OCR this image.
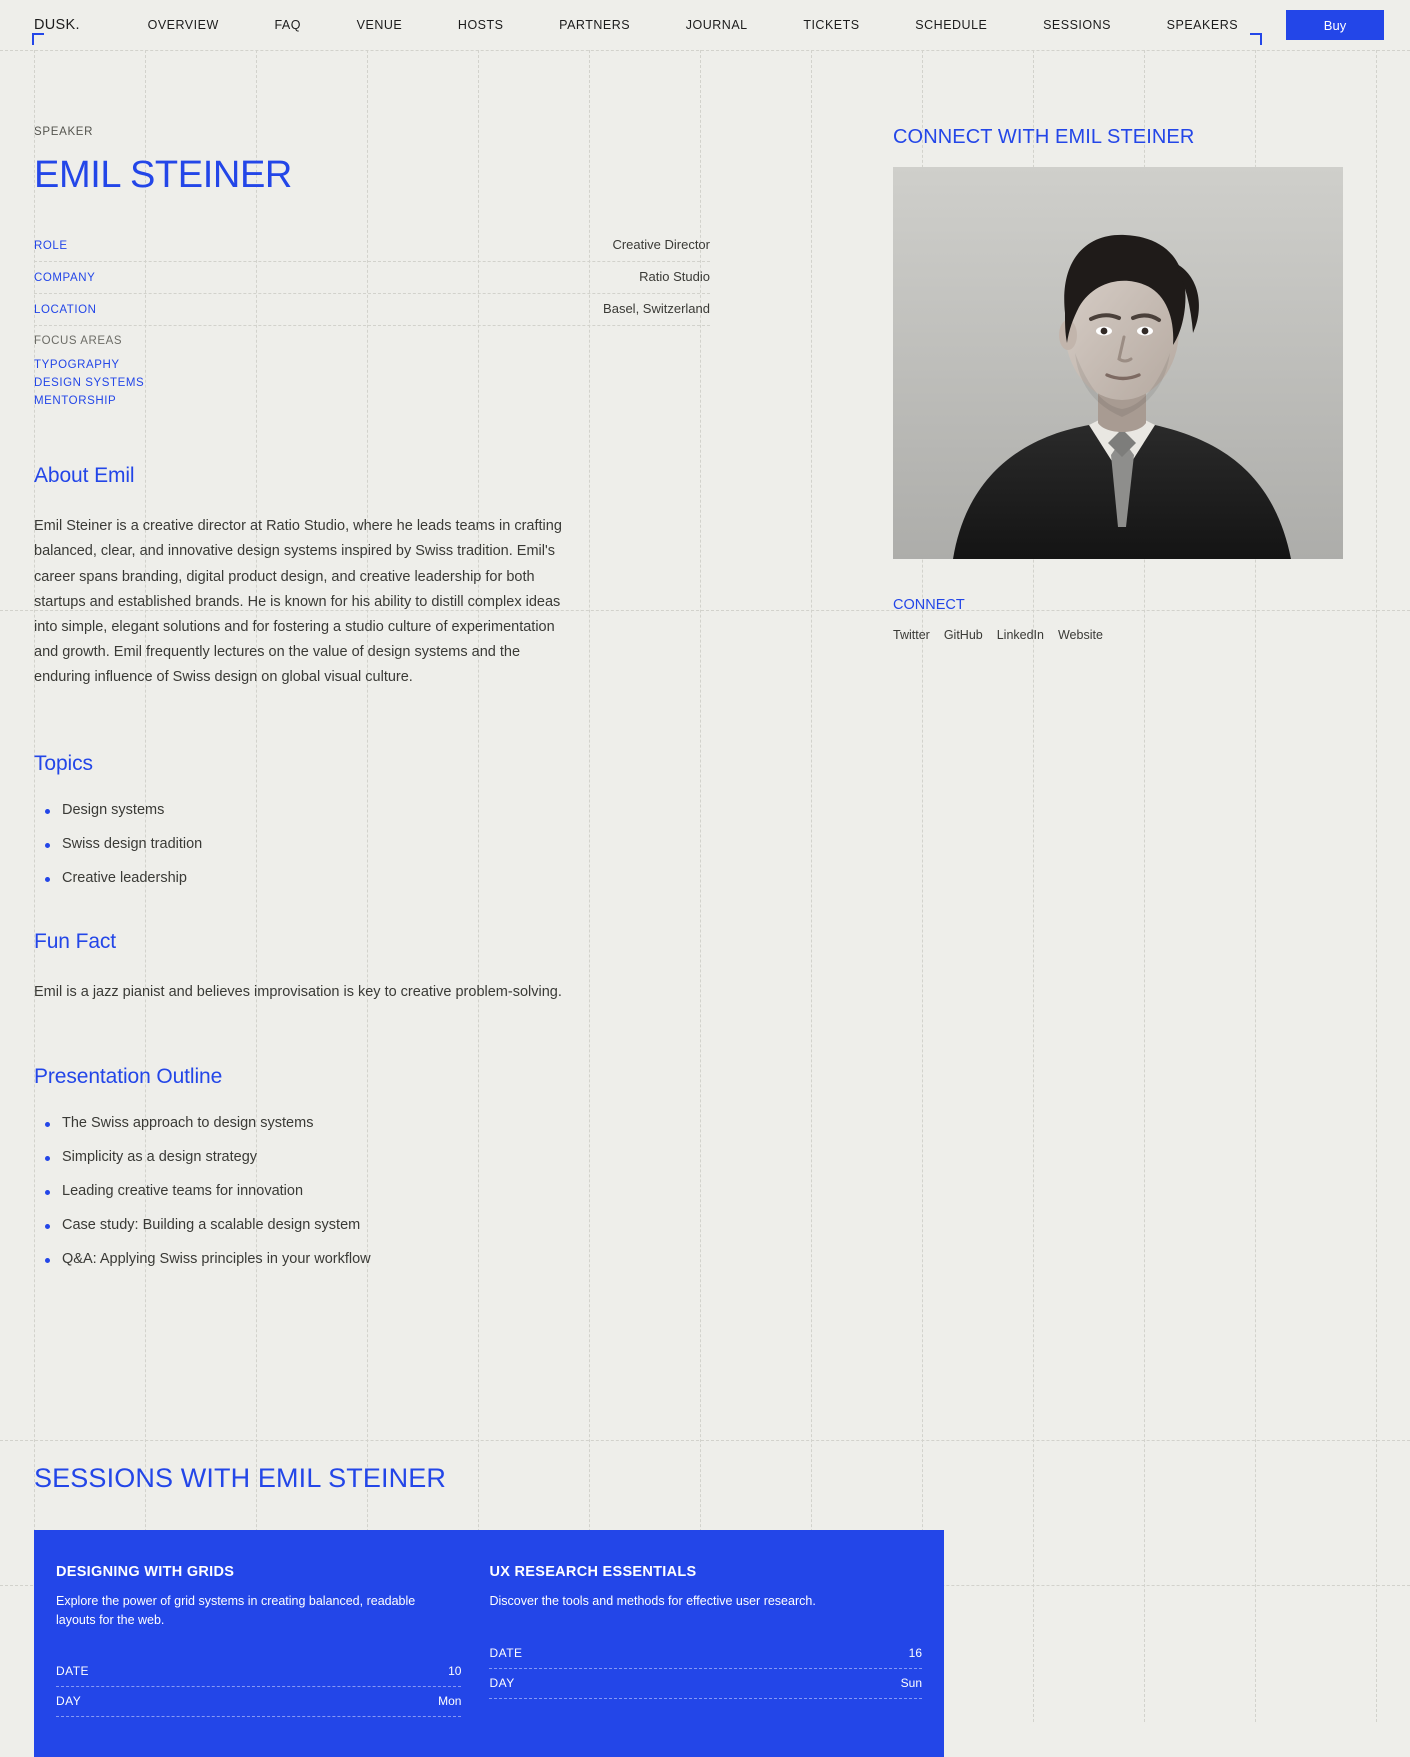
DUSK.	OVERVIEW	FAQ	VENUE	HOSTS	PARTNERS	JOURNAL	TICKETS	SCHEDULE	SESSIONS	SPEAKERS	Buy
SPEAKER
EMIL STEINER
ROLE	Creative Director
COMPANY	Ratio Studio
LOCATION	Basel, Switzerland
FOCUS AREAS
TYPOGRAPHY
DESIGN SYSTEMS
MENTORSHIP
About Emil

Emil Steiner is a creative director at Ratio Studio, where he leads teams in crafting balanced, clear, and innovative design systems inspired by Swiss tradition. Emil's career spans branding, digital product design, and creative leadership for both startups and established brands. He is known for his ability to distill complex ideas into simple, elegant solutions and for fostering a studio culture of experimentation and growth. Emil frequently lectures on the value of design systems and the enduring influence of Swiss design on global visual culture.

Topics
Design systems
Swiss design tradition
Creative leadership
Fun Fact

Emil is a jazz pianist and believes improvisation is key to creative problem-solving.

Presentation Outline
The Swiss approach to design systems
Simplicity as a design strategy
Leading creative teams for innovation
Case study: Building a scalable design system
Q&A: Applying Swiss principles in your workflow
CONNECT WITH EMIL STEINER
CONNECT
Twitter GitHub LinkedIn Website
SESSIONS WITH EMIL STEINER
DESIGNING WITH GRIDS
Explore the power of grid systems in creating balanced, readable layouts for the web.
DATE	10
DAY	Mon
UX RESEARCH ESSENTIALS
Discover the tools and methods for effective user research.
DATE	16
DAY	Sun
